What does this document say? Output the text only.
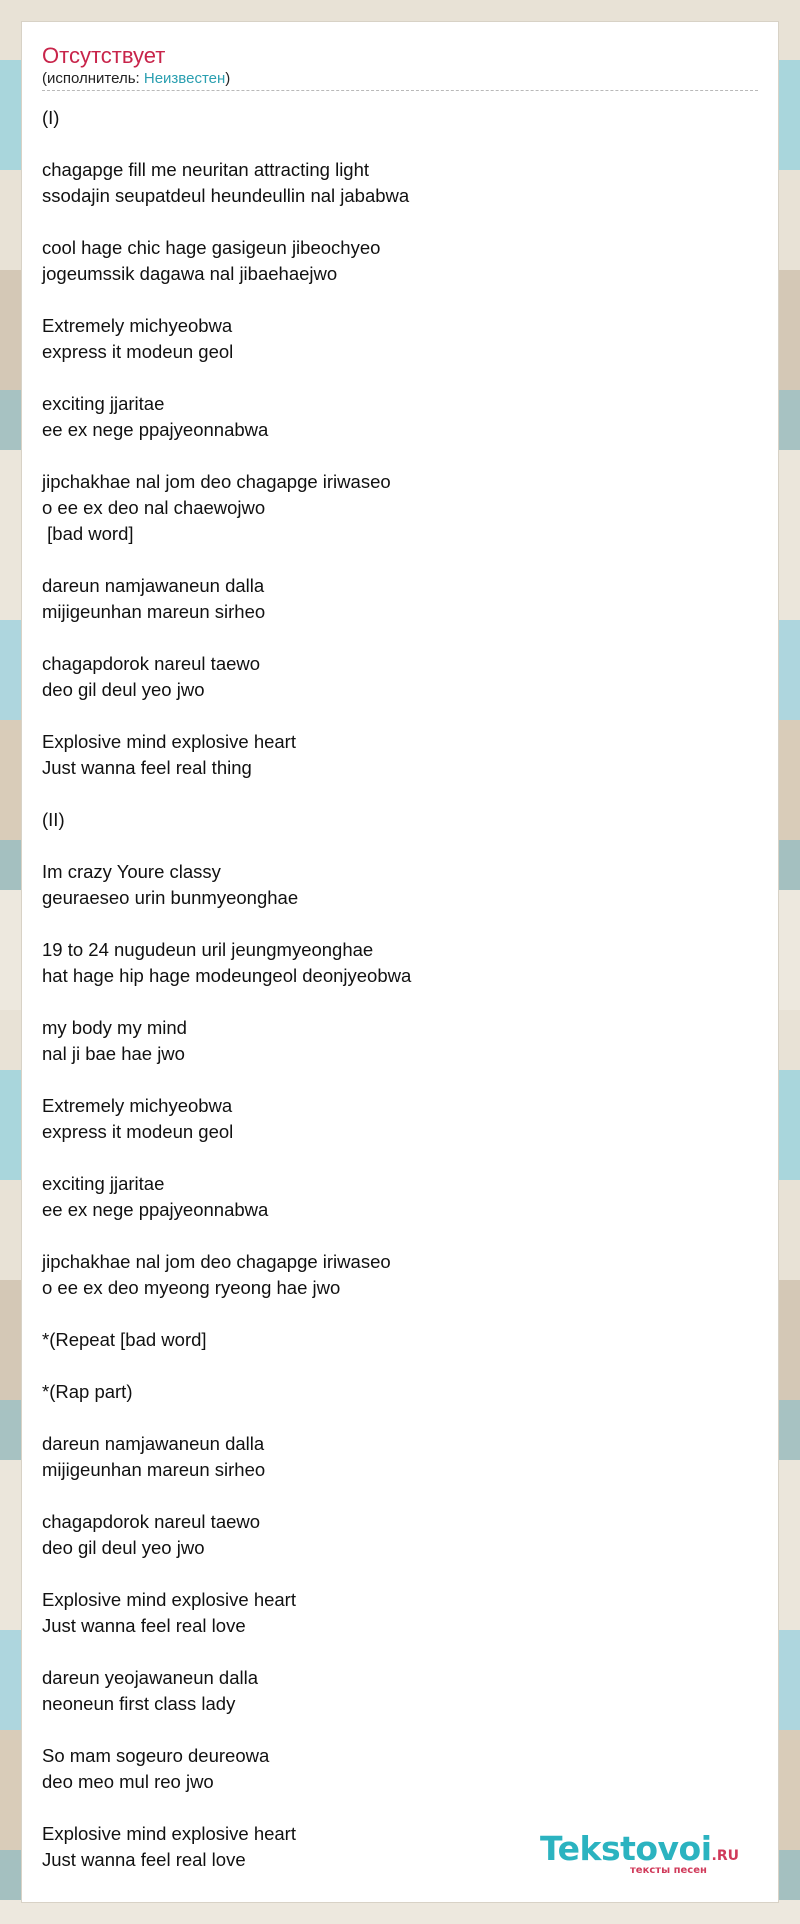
Отсутствует
(исполнитель: Неизвестен)
(I)
chagapge fill me neuritan attracting light
ssodajin seupatdeul heundeullin nal jababwa
cool hage chic hage gasigeun jibeochyeo
jogeumssik dagawa nal jibaehaejwo
Extremely michyeobwa
express it modeun geol
exciting jjaritae
ee ex nege ppajyeonnabwa
jipchakhae nal jom deo chagapge iriwaseo
o ee ex deo nal chaewojwo
[bad word]
dareun namjawaneun dalla
mijigeunhan mareun sirheo
chagapdorok nareul taewo
deo gil deul yeo jwo
Explosive mind explosive heart
Just wanna feel real thing
(II)
Im crazy Youre classy
geuraeseo urin bunmyeonghae
19 to 24 nugudeun uril jeungmyeonghae
hat hage hip hage modeungeol deonjyeobwa
my body my mind
nal ji bae hae jwo
Extremely michyeobwa
express it modeun geol
exciting jjaritae
ee ex nege ppajyeonnabwa
jipchakhae nal jom deo chagapge iriwaseo
o ee ex deo myeong ryeong hae jwo
*(Repeat [bad word]
*(Rap part)
dareun namjawaneun dalla
mijigeunhan mareun sirheo
chagapdorok nareul taewo
deo gil deul yeo jwo
Explosive mind explosive heart
Just wanna feel real love
dareun yeojawaneun dalla
neoneun first class lady
So mam sogeuro deureowa
deo meo mul reo jwo
Explosive mind explosive heart
Just wanna feel real love	Tekstovoi.RU
тексты песен
